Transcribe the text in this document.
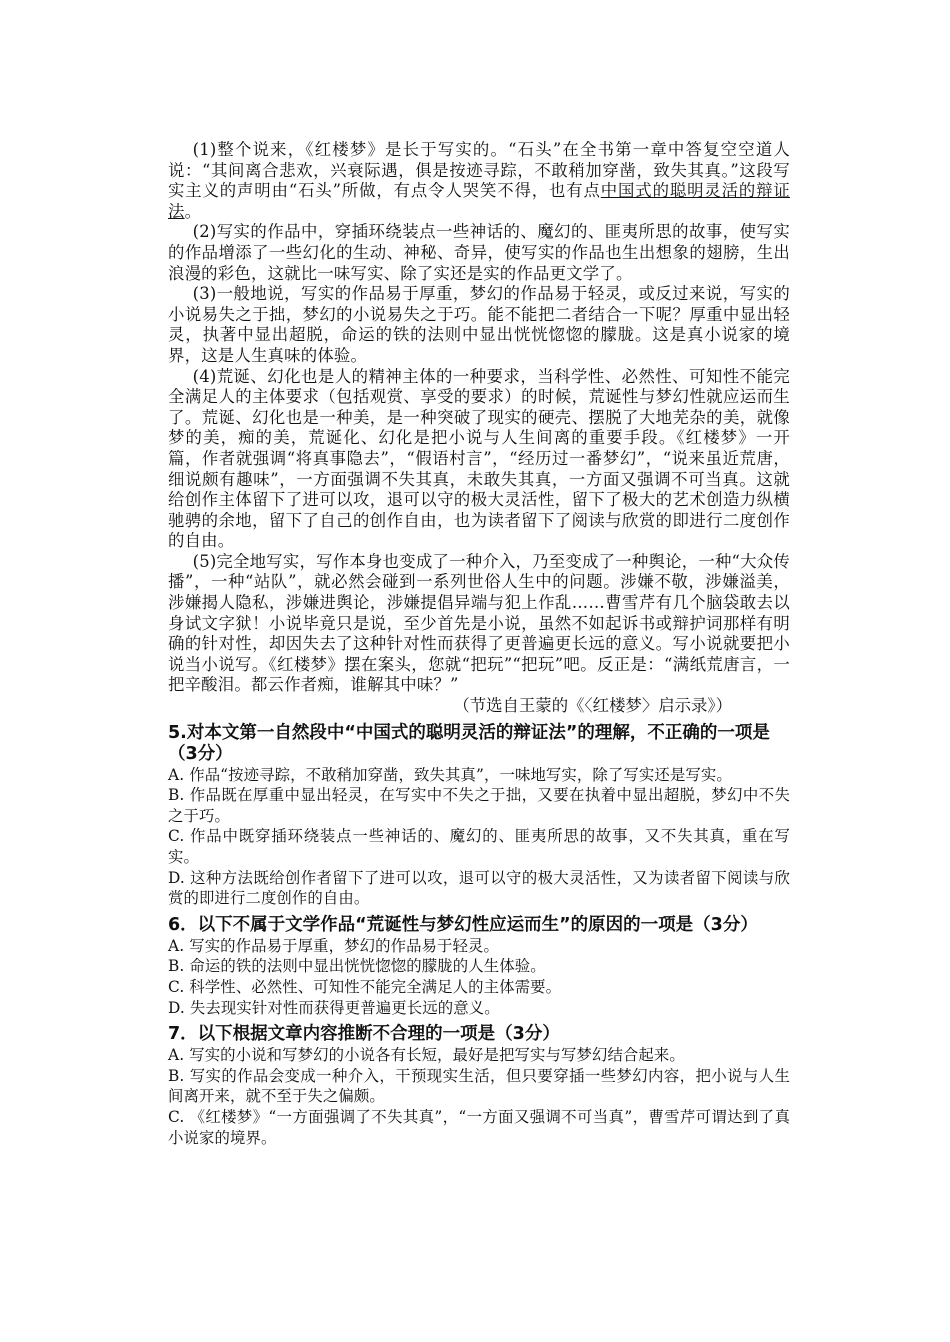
(1)整个说来，《红楼梦》是长于写实的。“石头”在全书第一章中答复空空道人说：“其间离合悲欢，兴衰际遇，俱是按迹寻踪，不敢稍加穿凿，致失其真。”这段写实主义的声明由“石头”所做，有点令人哭笑不得，也有点中国式的聪明灵活的辩证法。

(2)写实的作品中，穿插环绕装点一些神话的、魔幻的、匪夷所思的故事，使写实的作品增添了一些幻化的生动、神秘、奇异，使写实的作品也生出想象的翅膀，生出浪漫的彩色，这就比一味写实、除了实还是实的作品更文学了。

(3)一般地说，写实的作品易于厚重，梦幻的作品易于轻灵，或反过来说，写实的小说易失之于拙，梦幻的小说易失之于巧。能不能把二者结合一下呢？厚重中显出轻灵，执著中显出超脱，命运的铁的法则中显出恍恍惚惚的朦胧。这是真小说家的境界，这是人生真味的体验。

(4)荒诞、幻化也是人的精神主体的一种要求，当科学性、必然性、可知性不能完全满足人的主体要求（包括观赏、享受的要求）的时候，荒诞性与梦幻性就应运而生了。荒诞、幻化也是一种美，是一种突破了现实的硬壳、摆脱了大地芜杂的美，就像梦的美，痴的美，荒诞化、幻化是把小说与人生间离的重要手段。《红楼梦》一开篇，作者就强调“将真事隐去”，“假语村言”，“经历过一番梦幻”，“说来虽近荒唐，细说颇有趣味”，一方面强调不失其真，未敢失其真，一方面又强调不可当真。这就给创作主体留下了进可以攻，退可以守的极大灵活性，留下了极大的艺术创造力纵横驰骋的余地，留下了自己的创作自由，也为读者留下了阅读与欣赏的即进行二度创作的自由。

(5)完全地写实，写作本身也变成了一种介入，乃至变成了一种舆论，一种“大众传播”，一种“站队”，就必然会碰到一系列世俗人生中的问题。涉嫌不敬，涉嫌溢美，涉嫌揭人隐私，涉嫌进舆论，涉嫌提倡异端与犯上作乱……曹雪芹有几个脑袋敢去以身试文字狱！小说毕竟只是说，至少首先是小说，虽然不如起诉书或辩护词那样有明确的针对性，却因失去了这种针对性而获得了更普遍更长远的意义。写小说就要把小说当小说写。《红楼梦》摆在案头，您就“把玩”“把玩”吧。反正是：“满纸荒唐言，一把辛酸泪。都云作者痴，谁解其中味？”

（节选自王蒙的《〈红楼梦〉启示录》）

5.对本文第一自然段中“中国式的聪明灵活的辩证法”的理解，不正确的一项是（3分）

A. 作品“按迹寻踪，不敢稍加穿凿，致失其真”，一味地写实，除了写实还是写实。

B. 作品既在厚重中显出轻灵，在写实中不失之于拙，又要在执着中显出超脱，梦幻中不失之于巧。

C. 作品中既穿插环绕装点一些神话的、魔幻的、匪夷所思的故事，又不失其真，重在写实。

D. 这种方法既给创作者留下了进可以攻，退可以守的极大灵活性，又为读者留下阅读与欣赏的即进行二度创作的自由。

6．以下不属于文学作品“荒诞性与梦幻性应运而生”的原因的一项是（3分）

A. 写实的作品易于厚重，梦幻的作品易于轻灵。

B. 命运的铁的法则中显出恍恍惚惚的朦胧的人生体验。

C. 科学性、必然性、可知性不能完全满足人的主体需要。

D. 失去现实针对性而获得更普遍更长远的意义。

7．以下根据文章内容推断不合理的一项是（3分）

A. 写实的小说和写梦幻的小说各有长短，最好是把写实与写梦幻结合起来。

B. 写实的作品会变成一种介入，干预现实生活，但只要穿插一些梦幻内容，把小说与人生间离开来，就不至于失之偏颇。

C. 《红楼梦》“一方面强调了不失其真”，“一方面又强调不可当真”，曹雪芹可谓达到了真小说家的境界。
